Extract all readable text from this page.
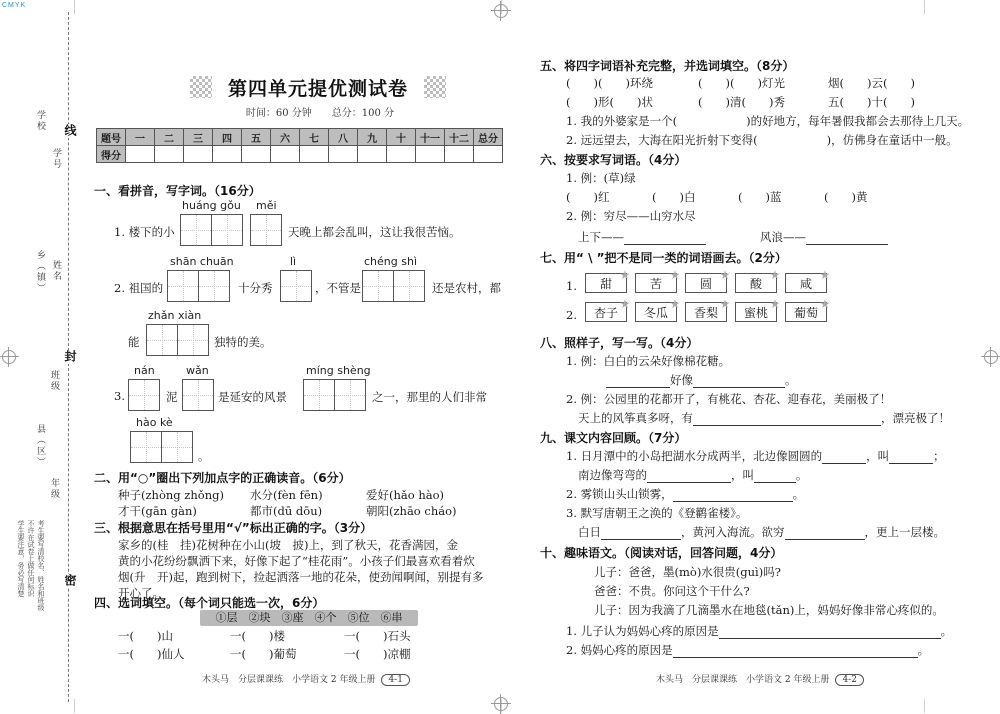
CMYK
学校 线
学号
乡（镇） 姓名
封
班级
县（区）
年级
密
考生要写清校名、姓名和班级
不许在试卷上做任何标识
学生要注意，务必写清楚
第四单元提优测试卷
时间：60 分钟　　总分：100 分
题号	一	二	三	四	五	六	七	八	九	十	十一	十二	总分
得分													
一、看拼音，写字词。（16分）
huáng gǒu měi
1. 楼下的小	天晚上都会乱叫，这让我很苦恼。
shān chuān	lì	chéng shì
2. 祖国的	十分秀	，不管是	还是农村，都
zhǎn xiàn
能	独特的美。
nán	wǎn	míng shèng
3.	泥	是延安的风景	之一，那里的人们非常
hào kè
。
二、用“○”圈出下列加点字的正确读音。（6分）
种子(zhòng zhǒng) 水分(fèn fēn)	爱好(hǎo hào)
才干(gān gàn)	都市(dū dōu)	朝阳(zhāo cháo)
三、根据意思在括号里用“√”标出正确的字。（3分）
家乡的(桂　挂)花树种在小山(坡　披)上，到了秋天，花香满园，金
黄的小花纷纷飘洒下来，好像下起了“桂花雨”。小孩子们最喜欢看着炊
烟(升　开)起，跑到树下，捡起洒落一地的花朵，使劲闻啊闻，别提有多
开心了。
四、选词填空。（每个词只能选一次，6分）
①层　②块　③座　④个　⑤位　⑥串
一(　　)山	一(　　)楼	一(　　)石头
一(　　)仙人	一(　　)葡萄	一(　　)凉棚
木头马　分层课课练　小学语文 2 年级上册 4-1
五、将四字词语补充完整，并选词填空。（8分）
(　　)(　　)环绕	(　　)(　　)灯光	烟(　　)云(　　)
(　　)形(　　)状	(　　)清(　　)秀	五(　　)十(　　)
1. 我的外婆家是一个(　　　　　　)的好地方，每年暑假我都会去那待上几天。
2. 远远望去，大海在阳光折射下变得(　　　　　　)，仿佛身在童话中一般。
六、按要求写词语。（4分）
1. 例：(草)绿
(　　)红	(　　)白	(　　)蓝	(　　)黄
2. 例：穷尽——山穷水尽
上下——	风浪——
七、用“ \ ”把不是同一类的词语画去。（2分）
1.	甜
★
苦
★
圆
★
酸
★
咸
★
2.	杏子
★
冬瓜
★
香梨
★
蜜桃
★
葡萄
★
八、照样子，写一写。（4分）
1. 例：白白的云朵好像棉花糖。
好像	。
2. 例：公园里的花都开了，有桃花、杏花、迎春花，美丽极了！
天上的风筝真多呀，有	，漂亮极了！
九、课文内容回顾。（7分）
1. 日月潭中的小岛把湖水分成两半，北边像圆圆的	，叫	；
南边像弯弯的	，叫	。
2. 雾锁山头山锁雾，	。
3. 默写唐朝王之涣的《登鹳雀楼》。
白日	，黄河入海流。欲穷	，更上一层楼。
十、趣味语文。（阅读对话，回答问题，4分）
儿子：爸爸，墨(mò)水很贵(guì)吗?
爸爸：不贵。你问这个干什么?
儿子：因为我滴了几滴墨水在地毯(tǎn)上，妈妈好像非常心疼似的。
1. 儿子认为妈妈心疼的原因是	。
2. 妈妈心疼的原因是	。
木头马　分层课课练　小学语文 2 年级上册 4-2
